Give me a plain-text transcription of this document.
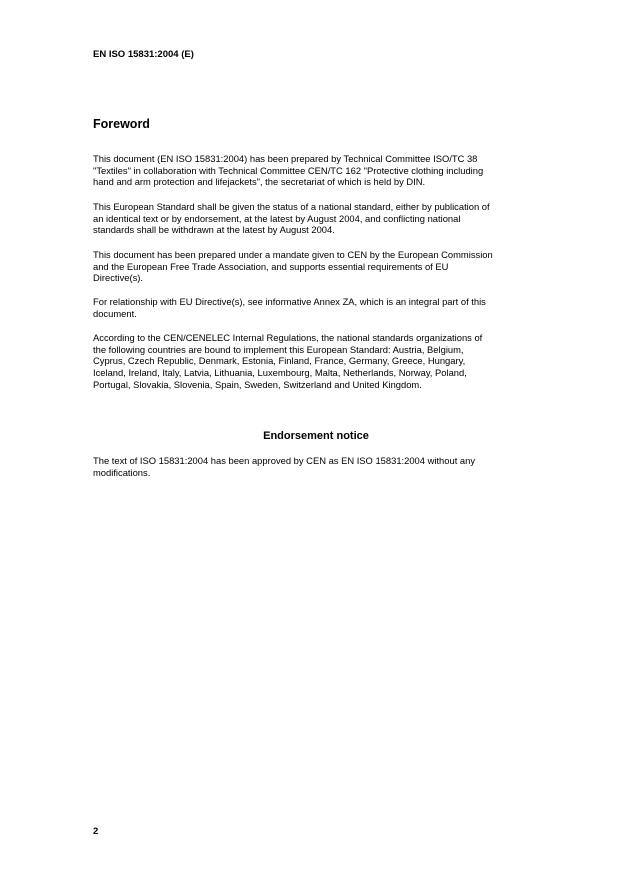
EN ISO 15831:2004 (E)
Foreword

This document (EN ISO 15831:2004) has been prepared by Technical Committee ISO/TC 38
"Textiles" in collaboration with Technical Committee CEN/TC 162 "Protective clothing including
hand and arm protection and lifejackets", the secretariat of which is held by DIN.

This European Standard shall be given the status of a national standard, either by publication of
an identical text or by endorsement, at the latest by August 2004, and conflicting national
standards shall be withdrawn at the latest by August 2004.

This document has been prepared under a mandate given to CEN by the European Commission
and the European Free Trade Association, and supports essential requirements of EU
Directive(s).

For relationship with EU Directive(s), see informative Annex ZA, which is an integral part of this
document.

According to the CEN/CENELEC Internal Regulations, the national standards organizations of
the following countries are bound to implement this European Standard: Austria, Belgium,
Cyprus, Czech Republic, Denmark, Estonia, Finland, France, Germany, Greece, Hungary,
Iceland, Ireland, Italy, Latvia, Lithuania, Luxembourg, Malta, Netherlands, Norway, Poland,
Portugal, Slovakia, Slovenia, Spain, Sweden, Switzerland and United Kingdom.

Endorsement notice

The text of ISO 15831:2004 has been approved by CEN as EN ISO 15831:2004 without any
modifications.

2
